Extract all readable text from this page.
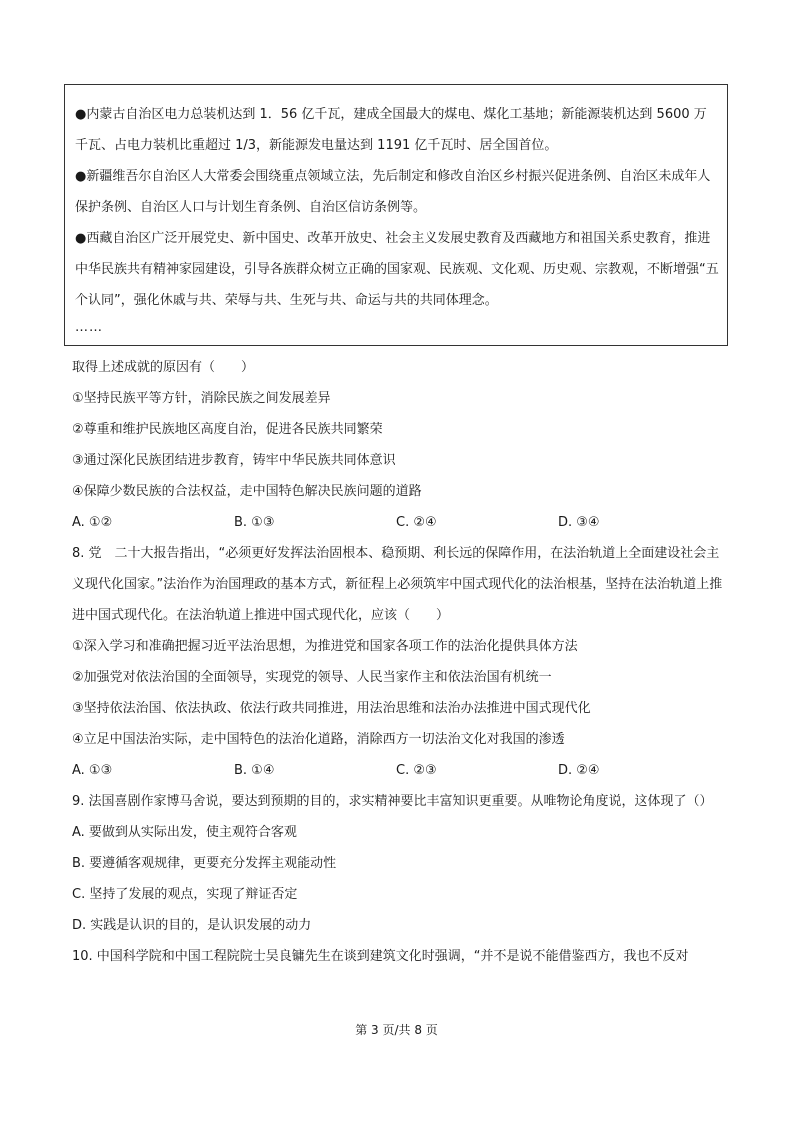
●内蒙古自治区电力总装机达到 1．56 亿千瓦，建成全国最大的煤电、煤化工基地；新能源装机达到 5600 万千瓦、占电力装机比重超过 1/3，新能源发电量达到 1191 亿千瓦时、居全国首位。

●新疆维吾尔自治区人大常委会围绕重点领域立法，先后制定和修改自治区乡村振兴促进条例、自治区未成年人保护条例、自治区人口与计划生育条例、自治区信访条例等。

●西藏自治区广泛开展党史、新中国史、改革开放史、社会主义发展史教育及西藏地方和祖国关系史教育，推进中华民族共有精神家园建设，引导各族群众树立正确的国家观、民族观、文化观、历史观、宗教观，不断增强“五个认同”，强化休戚与共、荣辱与共、生死与共、命运与共的共同体理念。

……

取得上述成就的原因有（　　）

①坚持民族平等方针，消除民族之间发展差异

②尊重和维护民族地区高度自治，促进各民族共同繁荣

③通过深化民族团结进步教育，铸牢中华民族共同体意识

④保障少数民族的合法权益，走中国特色解决民族问题的道路

A. ①②	B. ①③	C. ②④	D. ③④

8. 党　二十大报告指出，“必须更好发挥法治固根本、稳预期、利长远的保障作用，在法治轨道上全面建设社会主义现代化国家。”法治作为治国理政的基本方式，新征程上必须筑牢中国式现代化的法治根基，坚持在法治轨道上推进中国式现代化。在法治轨道上推进中国式现代化，应该（　　）

①深入学习和准确把握习近平法治思想，为推进党和国家各项工作的法治化提供具体方法

②加强党对依法治国的全面领导，实现党的领导、人民当家作主和依法治国有机统一

③坚持依法治国、依法执政、依法行政共同推进，用法治思维和法治办法推进中国式现代化

④立足中国法治实际，走中国特色的法治化道路，消除西方一切法治文化对我国的渗透

A. ①③	B. ①④	C. ②③	D. ②④

9. 法国喜剧作家博马舍说，要达到预期的目的，求实精神要比丰富知识更重要。从唯物论角度说，这体现了（）

A. 要做到从实际出发，使主观符合客观

B. 要遵循客观规律，更要充分发挥主观能动性

C. 坚持了发展的观点，实现了辩证否定

D. 实践是认识的目的，是认识发展的动力

10. 中国科学院和中国工程院院士吴良镛先生在谈到建筑文化时强调，“并不是说不能借鉴西方，我也不反对

第 3 页/共 8 页
